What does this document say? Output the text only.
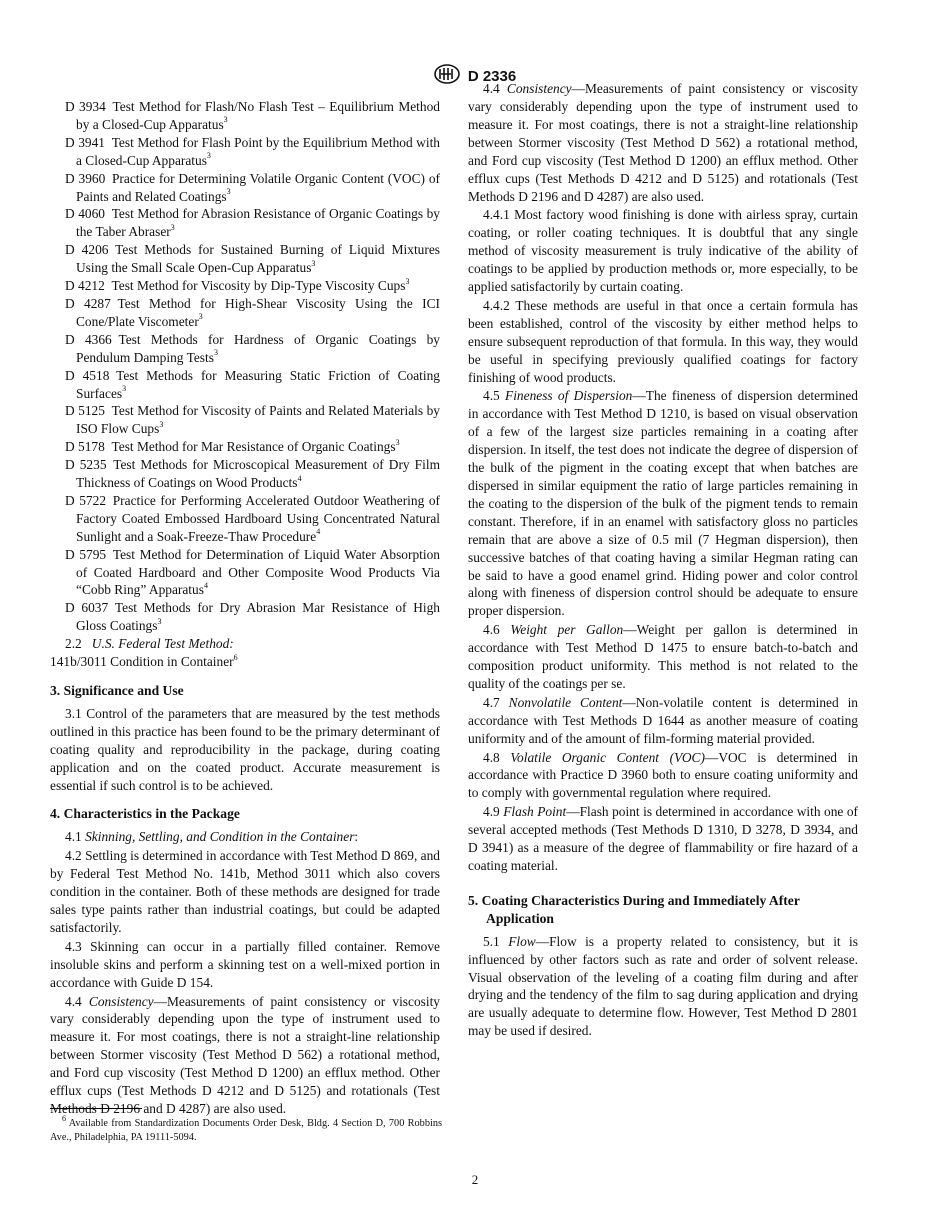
D 2336

D 3934  Test Method for Flash/No Flash Test – Equilibrium Method by a Closed-Cup Apparatus$^3$

D 3941  Test Method for Flash Point by the Equilibrium Method with a Closed-Cup Apparatus$^3$

D 3960  Practice for Determining Volatile Organic Content (VOC) of Paints and Related Coatings$^3$

D 4060  Test Method for Abrasion Resistance of Organic Coatings by the Taber Abraser$^3$

D 4206  Test Methods for Sustained Burning of Liquid Mixtures Using the Small Scale Open-Cup Apparatus$^3$

D 4212  Test Method for Viscosity by Dip-Type Viscosity Cups$^3$

D 4287  Test Method for High-Shear Viscosity Using the ICI Cone/Plate Viscometer$^3$

D 4366  Test Methods for Hardness of Organic Coatings by Pendulum Damping Tests$^3$

D 4518  Test Methods for Measuring Static Friction of Coating Surfaces$^3$

D 5125  Test Method for Viscosity of Paints and Related Materials by ISO Flow Cups$^3$

D 5178  Test Method for Mar Resistance of Organic Coatings$^3$

D 5235  Test Methods for Microscopical Measurement of Dry Film Thickness of Coatings on Wood Products$^4$

D 5722  Practice for Performing Accelerated Outdoor Weathering of Factory Coated Embossed Hardboard Using Concentrated Natural Sunlight and a Soak-Freeze-Thaw Procedure$^4$

D 5795  Test Method for Determination of Liquid Water Absorption of Coated Hardboard and Other Composite Wood Products Via “Cobb Ring” Apparatus$^4$

D 6037  Test Methods for Dry Abrasion Mar Resistance of High Gloss Coatings$^3$

2.2 U.S. Federal Test Method:

141b/3011 Condition in Container$^6$

3. Significance and Use

3.1 Control of the parameters that are measured by the test methods outlined in this practice has been found to be the primary determinant of coating quality and reproducibility in the package, during coating application and on the coated product. Accurate measurement is essential if such control is to be achieved.

4. Characteristics in the Package

4.1 Skinning, Settling, and Condition in the Container:

4.2 Settling is determined in accordance with Test Method D 869, and by Federal Test Method No. 141b, Method 3011 which also covers condition in the container. Both of these methods are designed for trade sales type paints rather than industrial coatings, but could be adapted satisfactorily.

4.3 Skinning can occur in a partially filled container. Remove insoluble skins and perform a skinning test on a well-mixed portion in accordance with Guide D 154.

4.4 Consistency—Measurements of paint consistency or viscosity vary considerably depending upon the type of instrument used to measure it. For most coatings, there is not a straight-line relationship between Stormer viscosity (Test Method D 562) a rotational method, and Ford cup viscosity (Test Method D 1200) an efflux method. Other efflux cups (Test Methods D 4212 and D 5125) and rotationals (Test Methods D 2196 and D 4287) are also used.

4.4 Consistency—Measurements of paint consistency or viscosity vary considerably depending upon the type of instrument used to measure it. For most coatings, there is not a straight-line relationship between Stormer viscosity (Test Method D 562) a rotational method, and Ford cup viscosity (Test Method D 1200) an efflux method. Other efflux cups (Test Methods D 4212 and D 5125) and rotationals (Test Methods D 2196 and D 4287) are also used.

4.4.1 Most factory wood finishing is done with airless spray, curtain coating, or roller coating techniques. It is doubtful that any single method of viscosity measurement is truly indicative of the ability of coatings to be applied by production methods or, more especially, to be applied satisfactorily by curtain coating.

4.4.2 These methods are useful in that once a certain formula has been established, control of the viscosity by either method helps to ensure subsequent reproduction of that formula. In this way, they would be useful in specifying previously qualified coatings for factory finishing of wood products.

4.5 Fineness of Dispersion—The fineness of dispersion determined in accordance with Test Method D 1210, is based on visual observation of a few of the largest size particles remaining in a coating after dispersion. In itself, the test does not indicate the degree of dispersion of the bulk of the pigment in the coating except that when batches are dispersed in similar equipment the ratio of large particles remaining in the coating to the dispersion of the bulk of the pigment tends to remain constant. Therefore, if in an enamel with satisfactory gloss no particles remain that are above a size of 0.5 mil (7 Hegman dispersion), then successive batches of that coating having a similar Hegman rating can be said to have a good enamel grind. Hiding power and color control along with fineness of dispersion control should be adequate to ensure proper dispersion.

4.6 Weight per Gallon—Weight per gallon is determined in accordance with Test Method D 1475 to ensure batch-to-batch and composition product uniformity. This method is not related to the quality of the coatings per se.

4.7 Nonvolatile Content—Non-volatile content is determined in accordance with Test Methods D 1644 as another measure of coating uniformity and of the amount of film-forming material provided.

4.8 Volatile Organic Content (VOC)—VOC is determined in accordance with Practice D 3960 both to ensure coating uniformity and to comply with governmental regulation where required.

4.9 Flash Point—Flash point is determined in accordance with one of several accepted methods (Test Methods D 1310, D 3278, D 3934, and D 3941) as a measure of the degree of flammability or fire hazard of a coating material.

5. Coating Characteristics During and Immediately After Application

5.1 Flow—Flow is a property related to consistency, but it is influenced by other factors such as rate and order of solvent release. Visual observation of the leveling of a coating film during and after drying and the tendency of the film to sag during application and drying are usually adequate to determine flow. However, Test Method D 2801 may be used if desired.

$^6$ Available from Standardization Documents Order Desk, Bldg. 4 Section D, 700 Robbins Ave., Philadelphia, PA 19111-5094.

2
